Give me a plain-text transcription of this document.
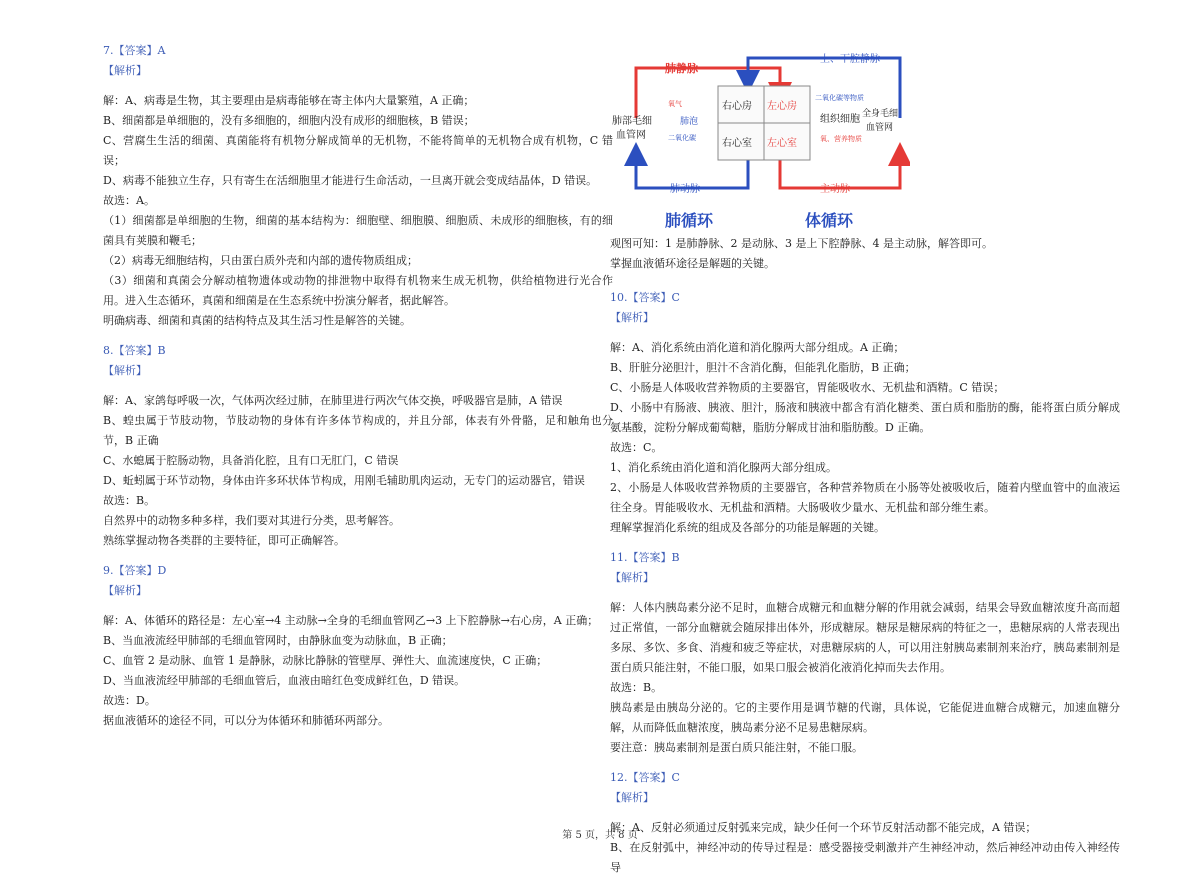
7.【答案】A
【解析】

解：A、病毒是生物，其主要理由是病毒能够在寄主体内大量繁殖，A 正确；

B、细菌都是单细胞的，没有多细胞的，细胞内没有成形的细胞核，B 错误；

C、营腐生生活的细菌、真菌能将有机物分解成简单的无机物，不能将简单的无机物合成有机物，C 错误；

D、病毒不能独立生存，只有寄生在活细胞里才能进行生命活动，一旦离开就会变成结晶体，D 错误。

故选：A。

（1）细菌都是单细胞的生物，细菌的基本结构为：细胞壁、细胞膜、细胞质、未成形的细胞核，有的细菌具有荚膜和鞭毛；

（2）病毒无细胞结构，只由蛋白质外壳和内部的遗传物质组成；

（3）细菌和真菌会分解动植物遗体或动物的排泄物中取得有机物来生成无机物，供给植物进行光合作用。进入生态循环，真菌和细菌是在生态系统中扮演分解者，据此解答。

明确病毒、细菌和真菌的结构特点及其生活习性是解答的关键。

8.【答案】B
【解析】

解：A、家鸽每呼吸一次，气体两次经过肺，在肺里进行两次气体交换，呼吸器官是肺，A 错误

B、蝗虫属于节肢动物，节肢动物的身体有许多体节构成的，并且分部，体表有外骨骼，足和触角也分节，B 正确

C、水螅属于腔肠动物，具备消化腔，且有口无肛门，C 错误

D、蚯蚓属于环节动物，身体由许多环状体节构成，用刚毛辅助肌肉运动，无专门的运动器官，错误

故选：B。

自然界中的动物多种多样，我们要对其进行分类，思考解答。

熟练掌握动物各类群的主要特征，即可正确解答。

9.【答案】D
【解析】

解：A、体循环的路径是：左心室→4 主动脉→全身的毛细血管网乙→3 上下腔静脉→右心房，A 正确；

B、当血液流经甲肺部的毛细血管网时，由静脉血变为动脉血，B 正确；

C、血管 2 是动脉、血管 1 是静脉，动脉比静脉的管壁厚、弹性大、血流速度快，C 正确；

D、当血液流经甲肺部的毛细血管后，血液由暗红色变成鲜红色，D 错误。

故选：D。

据血液循环的途径不同，可以分为体循环和肺循环两部分。

肺静脉
上、下腔静脉
肺部毛细
血管网
氧气
肺泡
二氧化碳
右心房 左心房
右心室 左心室
二氧化碳等物质
组织细胞
氧、营养物质
全身毛细
血管网
肺动脉	主动脉
肺循环	体循环

观图可知：1 是肺静脉、2 是动脉、3 是上下腔静脉、4 是主动脉，解答即可。

掌握血液循环途径是解题的关键。

10.【答案】C
【解析】

解：A、消化系统由消化道和消化腺两大部分组成。A 正确；

B、肝脏分泌胆汁，胆汁不含消化酶，但能乳化脂肪，B 正确；

C、小肠是人体吸收营养物质的主要器官，胃能吸收水、无机盐和酒精。C 错误；

D、小肠中有肠液、胰液、胆汁，肠液和胰液中都含有消化糖类、蛋白质和脂肪的酶，能将蛋白质分解成氨基酸，淀粉分解成葡萄糖，脂肪分解成甘油和脂肪酸。D 正确。

故选：C。

1、消化系统由消化道和消化腺两大部分组成。

2、小肠是人体吸收营养物质的主要器官，各种营养物质在小肠等处被吸收后，随着内壁血管中的血液运往全身。胃能吸收水、无机盐和酒精。大肠吸收少量水、无机盐和部分维生素。

理解掌握消化系统的组成及各部分的功能是解题的关键。

11.【答案】B
【解析】

解：人体内胰岛素分泌不足时，血糖合成糖元和血糖分解的作用就会减弱，结果会导致血糖浓度升高而超过正常值，一部分血糖就会随尿排出体外，形成糖尿。糖尿是糖尿病的特征之一，患糖尿病的人常表现出多尿、多饮、多食、消瘦和疲乏等症状，对患糖尿病的人，可以用注射胰岛素制剂来治疗，胰岛素制剂是蛋白质只能注射，不能口服，如果口服会被消化液消化掉而失去作用。

故选：B。

胰岛素是由胰岛分泌的。它的主要作用是调节糖的代谢，具体说，它能促进血糖合成糖元，加速血糖分解，从而降低血糖浓度，胰岛素分泌不足易患糖尿病。

要注意：胰岛素制剂是蛋白质只能注射，不能口服。

12.【答案】C
【解析】

解：A、反射必须通过反射弧来完成，缺少任何一个环节反射活动都不能完成，A 错误；

B、在反射弧中，神经冲动的传导过程是：感受器接受刺激并产生神经冲动，然后神经冲动由传入神经传导

第 5 页，共 8 页
